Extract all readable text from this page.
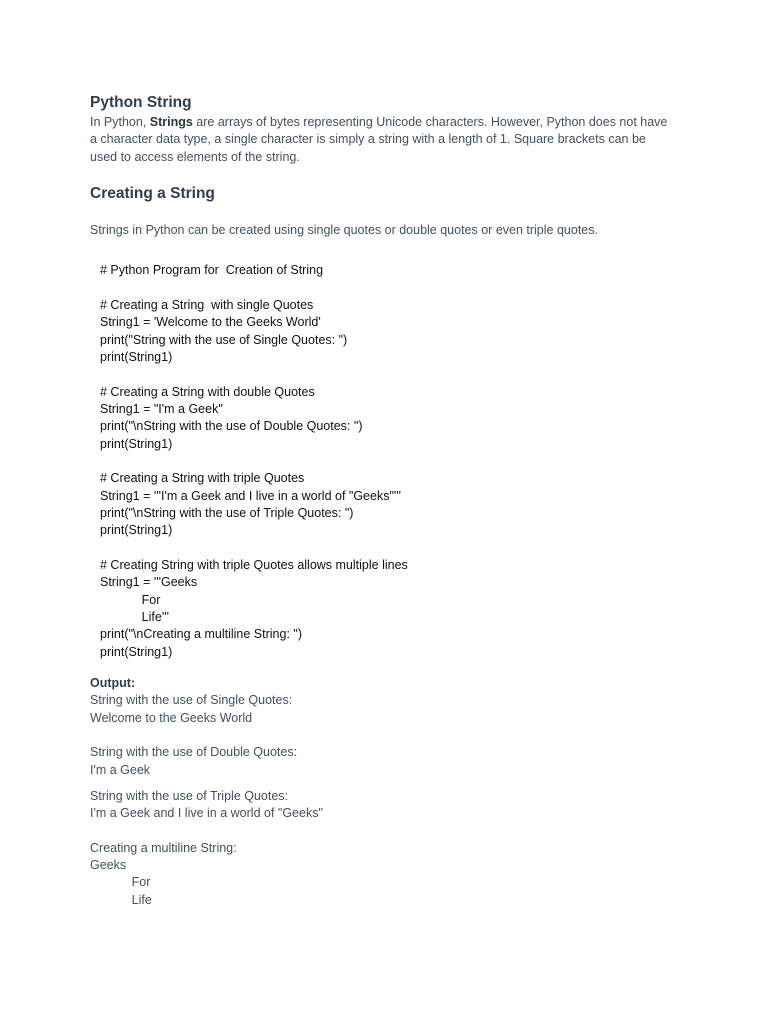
Python String

In Python, Strings are arrays of bytes representing Unicode characters. However, Python does not have
a character data type, a single character is simply a string with a length of 1. Square brackets can be
used to access elements of the string.

Creating a String

Strings in Python can be created using single quotes or double quotes or even triple quotes.

# Python Program for  Creation of String
# Creating a String  with single Quotes
String1 = 'Welcome to the Geeks World'
print("String with the use of Single Quotes: ")
print(String1)
# Creating a String with double Quotes
String1 = "I'm a Geek"
print("\nString with the use of Double Quotes: ")
print(String1)
# Creating a String with triple Quotes
String1 = '''I'm a Geek and I live in a world of "Geeks"'''
print("\nString with the use of Triple Quotes: ")
print(String1)
# Creating String with triple Quotes allows multiple lines
String1 = '''Geeks
For
Life'''
print("\nCreating a multiline String: ")
print(String1)
Output:
String with the use of Single Quotes:
Welcome to the Geeks World
String with the use of Double Quotes:
I'm a Geek
String with the use of Triple Quotes:
I'm a Geek and I live in a world of "Geeks"
Creating a multiline String:
Geeks
For
Life
